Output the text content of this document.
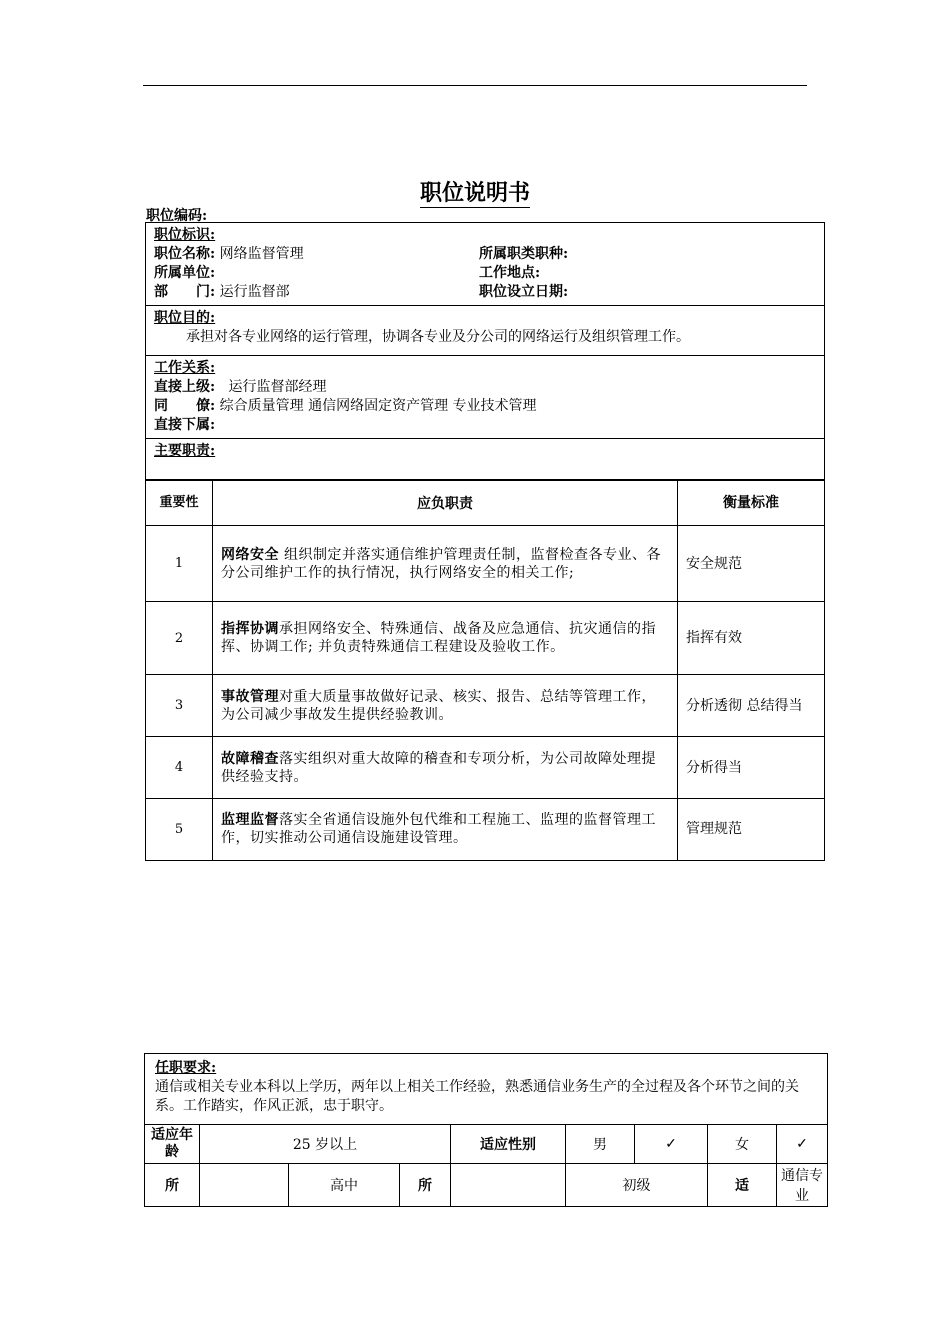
职位说明书
职位编码:
职位标识:
职位名称: 网络监督管理	所属职类职种:
所属单位:	工作地点:
部　　门: 运行监督部	职位设立日期:
职位目的:
承担对各专业网络的运行管理，协调各专业及分公司的网络运行及组织管理工作。
工作关系:
直接上级: 运行监督部经理
同　　僚: 综合质量管理 通信网络固定资产管理 专业技术管理
直接下属:
主要职责:
重要性	应负职责	衡量标准
1	网络安全 组织制定并落实通信维护管理责任制，监督检查各专业、各分公司维护工作的执行情况，执行网络安全的相关工作;	安全规范
2	指挥协调承担网络安全、特殊通信、战备及应急通信、抗灾通信的指挥、协调工作; 并负责特殊通信工程建设及验收工作。	指挥有效
3	事故管理对重大质量事故做好记录、核实、报告、总结等管理工作，为公司减少事故发生提供经验教训。	分析透彻 总结得当
4	故障稽查落实组织对重大故障的稽查和专项分析，为公司故障处理提供经验支持。	分析得当
5	监理监督落实全省通信设施外包代维和工程施工、监理的监督管理工作，切实推动公司通信设施建设管理。	管理规范
任职要求:
通信或相关专业本科以上学历，两年以上相关工作经验，熟悉通信业务生产的全过程及各个环节之间的关系。工作踏实，作风正派，忠于职守。
适应年龄	25 岁以上			适应性别	男	✓	女	✓
所		高中	所		初级		适	通信专业
